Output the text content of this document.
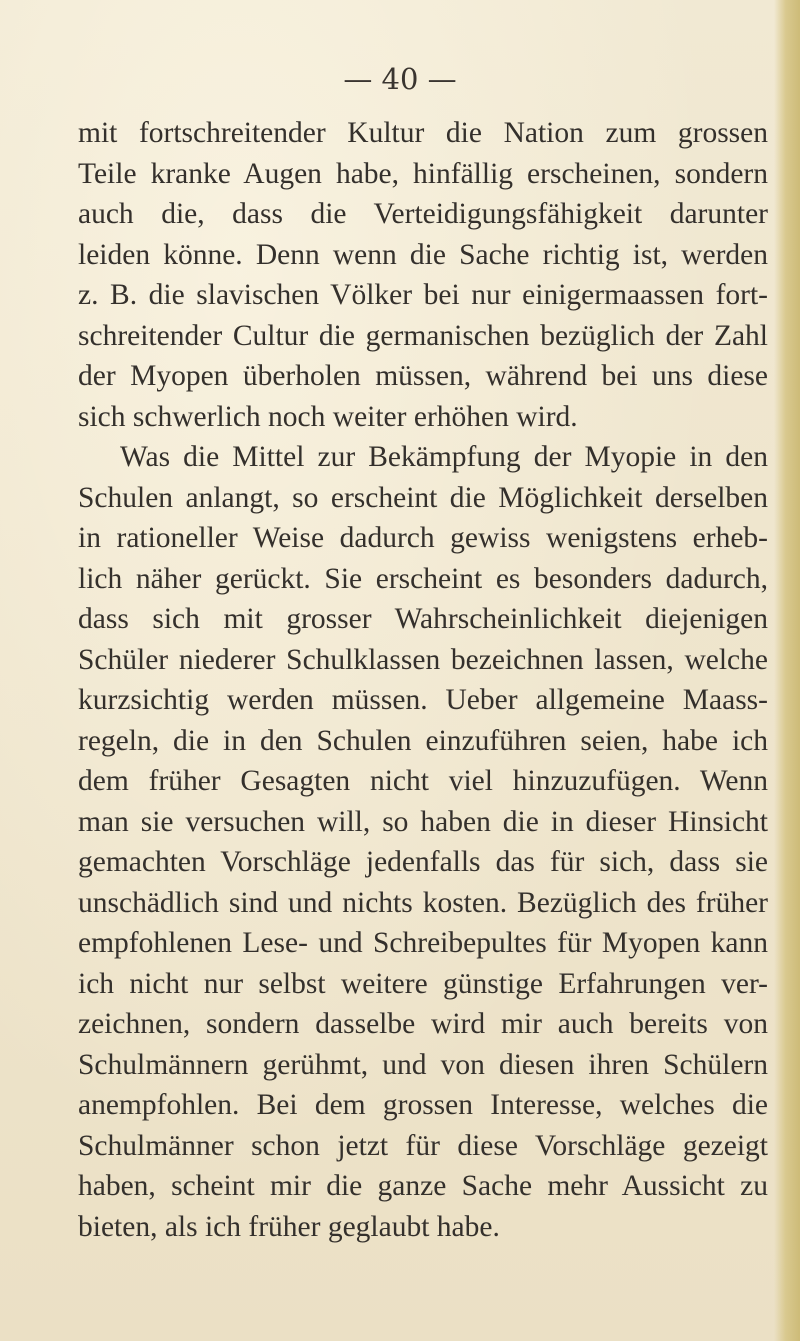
— 40 —
mit fortschreitender Kultur die Nation zum grossen
Teile kranke Augen habe, hinfällig erscheinen, sondern
auch die, dass die Verteidigungsfähigkeit darunter
leiden könne. Denn wenn die Sache richtig ist, werden
z. B. die slavischen Völker bei nur einigermaassen fort-
schreitender Cultur die germanischen bezüglich der Zahl
der Myopen überholen müssen, während bei uns diese
sich schwerlich noch weiter erhöhen wird.
Was die Mittel zur Bekämpfung der Myopie in den
Schulen anlangt, so erscheint die Möglichkeit derselben
in rationeller Weise dadurch gewiss wenigstens erheb-
lich näher gerückt. Sie erscheint es besonders dadurch,
dass sich mit grosser Wahrscheinlichkeit diejenigen
Schüler niederer Schulklassen bezeichnen lassen, welche
kurzsichtig werden müssen. Ueber allgemeine Maass-
regeln, die in den Schulen einzuführen seien, habe ich
dem früher Gesagten nicht viel hinzuzufügen. Wenn
man sie versuchen will, so haben die in dieser Hinsicht
gemachten Vorschläge jedenfalls das für sich, dass sie
unschädlich sind und nichts kosten. Bezüglich des früher
empfohlenen Lese- und Schreibepultes für Myopen kann
ich nicht nur selbst weitere günstige Erfahrungen ver-
zeichnen, sondern dasselbe wird mir auch bereits von
Schulmännern gerühmt, und von diesen ihren Schülern
anempfohlen. Bei dem grossen Interesse, welches die
Schulmänner schon jetzt für diese Vorschläge gezeigt
haben, scheint mir die ganze Sache mehr Aussicht zu
bieten, als ich früher geglaubt habe.
